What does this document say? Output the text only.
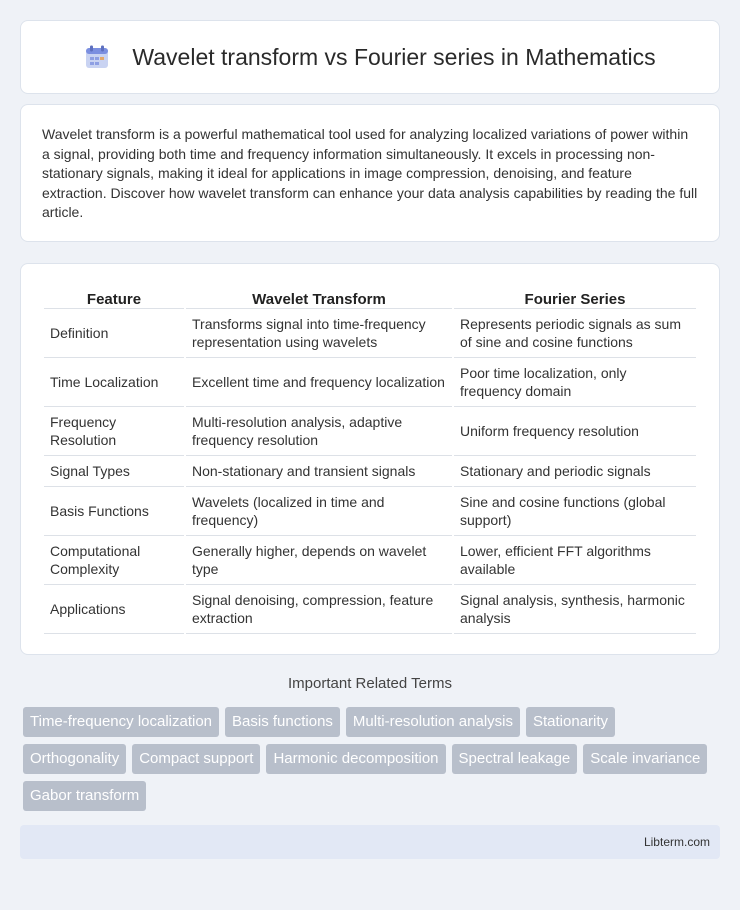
Wavelet transform vs Fourier series in Mathematics

Wavelet transform is a powerful mathematical tool used for analyzing localized variations of power within a signal, providing both time and frequency information simultaneously. It excels in processing non-stationary signals, making it ideal for applications in image compression, denoising, and feature extraction. Discover how wavelet transform can enhance your data analysis capabilities by reading the full article.

Feature	Wavelet Transform	Fourier Series
Definition	Transforms signal into time-frequency representation using wavelets	Represents periodic signals as sum of sine and cosine functions
Time Localization	Excellent time and frequency localization	Poor time localization, only frequency domain
Frequency Resolution	Multi-resolution analysis, adaptive frequency resolution	Uniform frequency resolution
Signal Types	Non-stationary and transient signals	Stationary and periodic signals
Basis Functions	Wavelets (localized in time and frequency)	Sine and cosine functions (global support)
Computational Complexity	Generally higher, depends on wavelet type	Lower, efficient FFT algorithms available
Applications	Signal denoising, compression, feature extraction	Signal analysis, synthesis, harmonic analysis
Important Related Terms
Time-frequency localization	Basis functions	Multi-resolution analysis	Stationarity
Orthogonality	Compact support	Harmonic decomposition	Spectral leakage	Scale invariance
Gabor transform
Libterm.com
